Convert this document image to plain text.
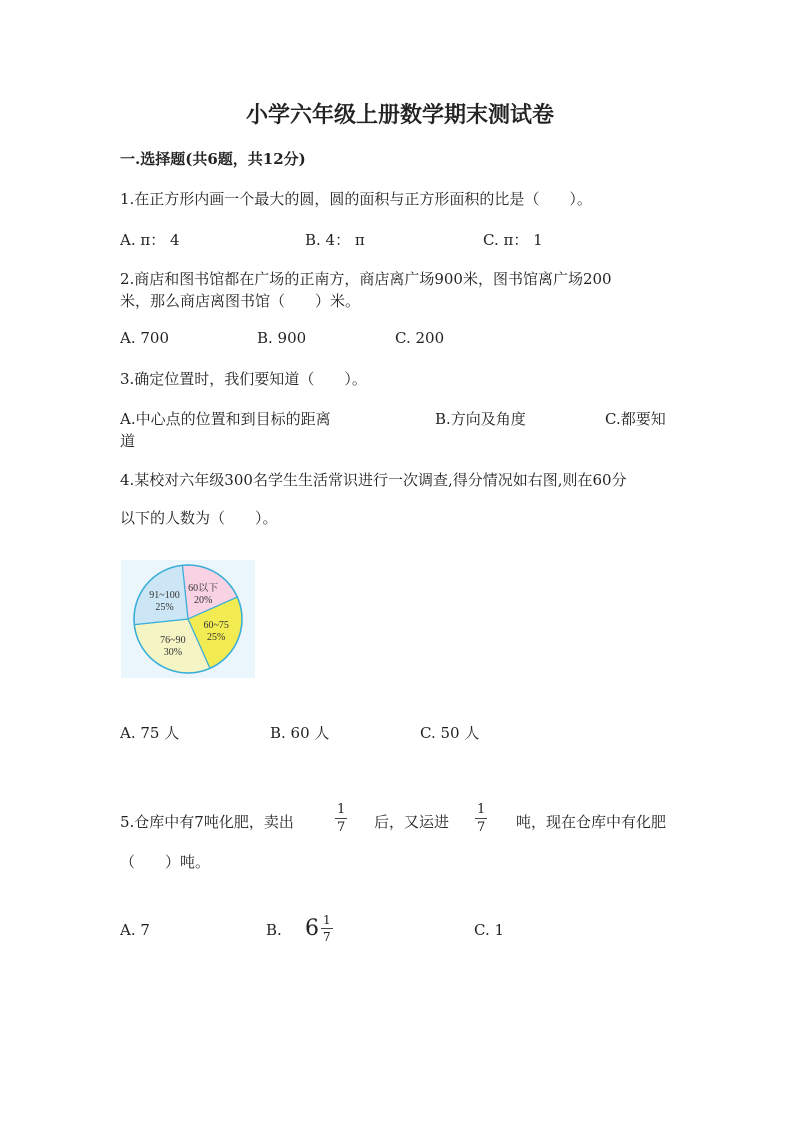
小学六年级上册数学期末测试卷
一.选择题(共6题，共12分)
1.在正方形内画一个最大的圆，圆的面积与正方形面积的比是（　　）。
A. π： 4	B. 4： π	C. π： 1
2.商店和图书馆都在广场的正南方，商店离广场900米，图书馆离广场200
米，那么商店离图书馆（　　）米。
A. 700	B. 900	C. 200
3.确定位置时，我们要知道（　　）。
A.中心点的位置和到目标的距离	B.方向及角度	C.都要知
道
4.某校对六年级300名学生生活常识进行一次调查,得分情况如右图,则在60分
以下的人数为（　　）。
60以下
20%
60~75
25%
76~90
30%
91~100
25%
A. 75 人	B. 60 人	C. 50 人
5.仓库中有7吨化肥，卖出	$\frac{1}{7}$ 后，又运进 $\frac{1}{7}$ 吨，现在仓库中有化肥
（　　）吨。
A. 7	B. $6 \frac{1}{7}$	C. 1
